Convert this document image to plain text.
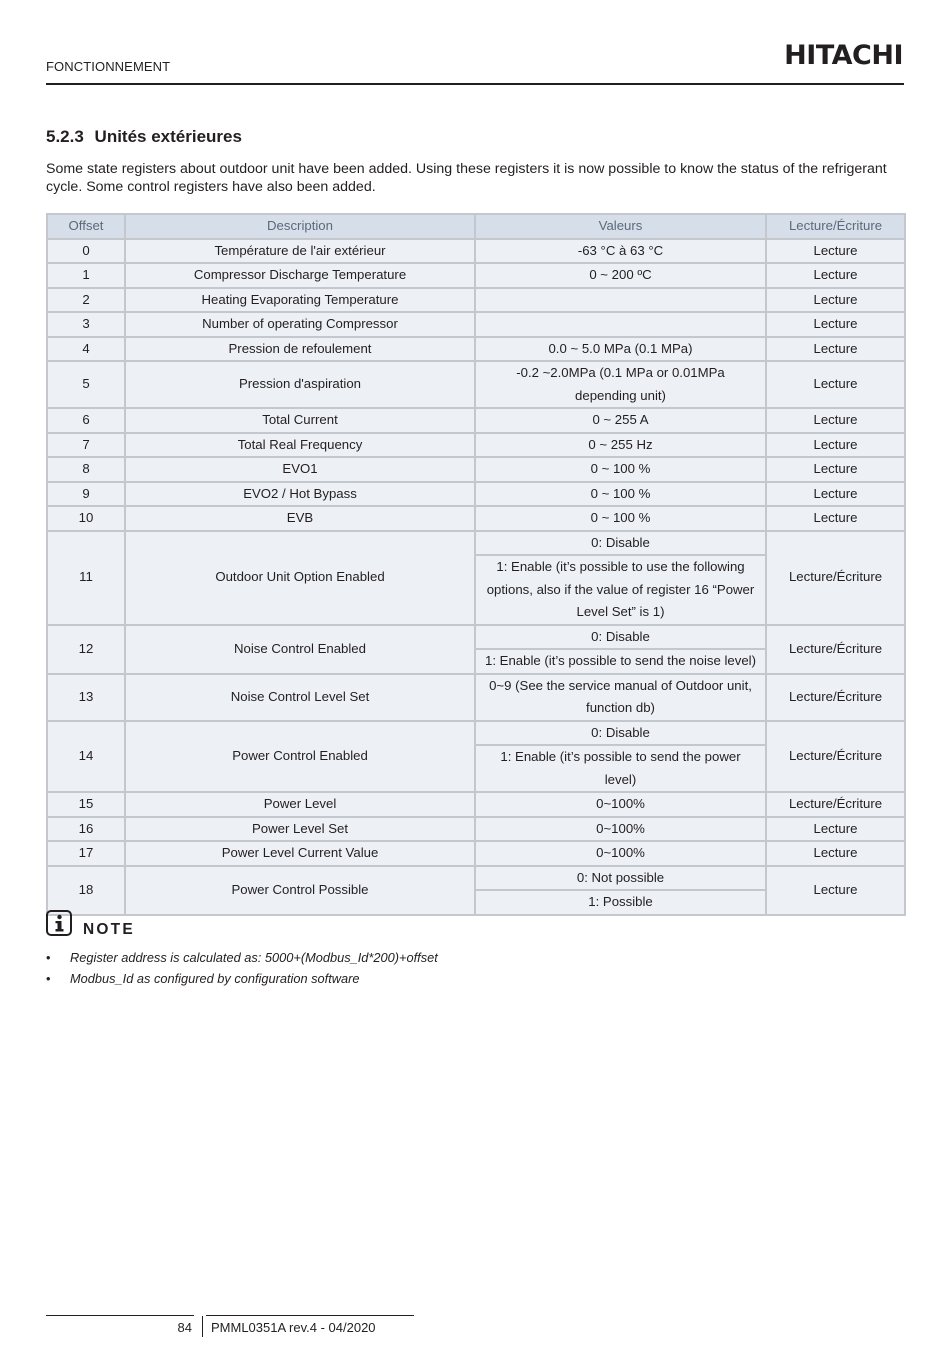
FONCTIONNEMENT	HITACHI
5.2.3 Unités extérieures
Some state registers about outdoor unit have been added. Using these registers it is now possible to know the status of the refrigerant cycle. Some control registers have also been added.
Offset	Description	Valeurs	Lecture/Écriture
0	Température de l'air extérieur	-63 °C à 63 °C	Lecture
1	Compressor Discharge Temperature	0 ~ 200 ºC	Lecture
2	Heating Evaporating Temperature		Lecture
3	Number of operating Compressor		Lecture
4	Pression de refoulement	0.0 ~ 5.0 MPa (0.1 MPa)	Lecture
5	Pression d'aspiration	-0.2 ~2.0MPa (0.1 MPa or 0.01MPa depending unit)	Lecture
6	Total Current	0 ~ 255 A	Lecture
7	Total Real Frequency	0 ~ 255 Hz	Lecture
8	EVO1	0 ~ 100 %	Lecture
9	EVO2 / Hot Bypass	0 ~ 100 %	Lecture
10	EVB	0 ~ 100 %	Lecture
11	Outdoor Unit Option Enabled	0: Disable	Lecture/Écriture
		1: Enable (it’s possible to use the following options, also if the value of register 16 “Power Level Set” is 1)	
12	Noise Control Enabled	0: Disable	Lecture/Écriture
		1: Enable (it’s possible to send the noise level)	
13	Noise Control Level Set	0~9 (See the service manual of Outdoor unit, function db)	Lecture/Écriture
14	Power Control Enabled	0: Disable	Lecture/Écriture
		1: Enable (it’s possible to send the power level)	
15	Power Level	0~100%	Lecture/Écriture
16	Power Level Set	0~100%	Lecture
17	Power Level Current Value	0~100%	Lecture
18	Power Control Possible	0: Not possible	Lecture
		1: Possible	
NOTE
• Register address is calculated as: 5000+(Modbus_Id*200)+offset
• Modbus_Id as configured by configuration software
84 PMML0351A rev.4 - 04/2020
